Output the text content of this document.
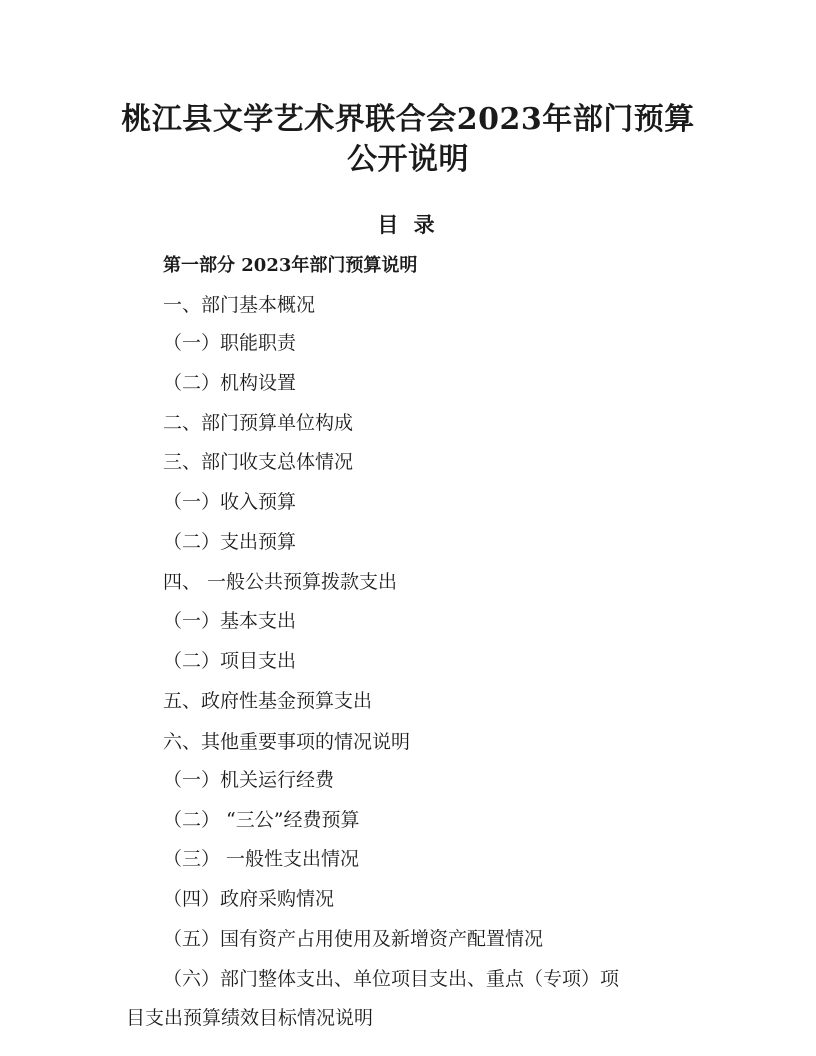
桃江县文学艺术界联合会2023年部门预算
公开说明
目 录
第一部分 2023年部门预算说明
一、部门基本概况
（一）职能职责
（二）机构设置
二、部门预算单位构成
三、部门收支总体情况
（一）收入预算
（二）支出预算
四、 一般公共预算拨款支出
（一）基本支出
（二）项目支出
五、政府性基金预算支出
六、其他重要事项的情况说明
（一）机关运行经费
（二） “三公”经费预算
（三） 一般性支出情况
（四）政府采购情况
（五）国有资产占用使用及新增资产配置情况
（六）部门整体支出、单位项目支出、重点（专项）项
目支出预算绩效目标情况说明
